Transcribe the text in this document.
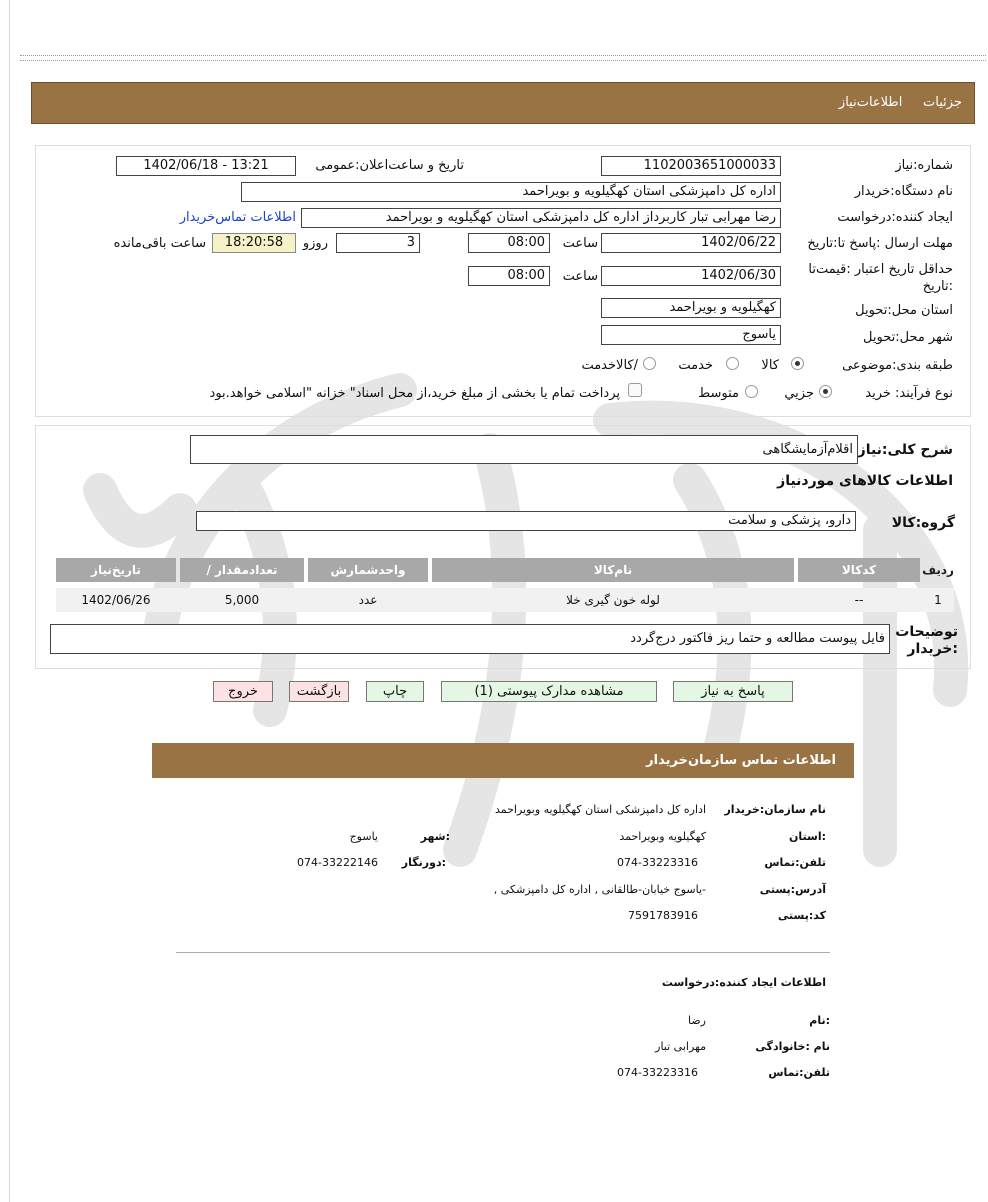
جزئیات     اطلاعات‌نیاز
شماره‌:نیاز
1102003651000033
تاریخ و ساعت‌اعلان:عمومی
1402/06/18 - 13:21
نام دستگاه‌:خریدار
اداره کل دامپزشکی استان کهگیلویه و بویراحمد
ایجاد کننده‌:درخواست
رضا مهرابی تبار کاربرداز اداره کل دامپزشکی استان کهگیلویه و بویراحمد
اطلاعات تماس‌خریدار
مهلت ارسال :پاسخ تا:تاریخ
1402/06/22
ساعت
08:00
3
روزو
18:20:58
ساعت باقی‌مانده
حداقل تاریخ اعتبار :قیمت‌تا :تاریخ
1402/06/30
ساعت
08:00
استان محل‌:تحویل
کهگیلویه و بویراحمد
شهر محل‌:تحویل
یاسوج
طبقه بندی‌:موضوعی
کالا
خدمت
/کالاخدمت
نوع فرآیند: خرید
جزیي
متوسط
پرداخت تمام یا بخشی از مبلغ خرید،از محل اسناد" خزانه "اسلامی خواهد.بود
شرح کلی:نیاز
اقلام‌آزمایشگاهی
اطلاعات کالاهای موردنیاز
گروه:کالا
دارو، پزشکی و سلامت
ردیف
کدکالا
نام‌کالا
واحدشمارش
/ تعدادمقدار
تاریخ‌نیاز
1
--
لوله خون گیری خلا
عدد
5,000
1402/06/26
توضیحات :خریدار
فایل پیوست مطالعه و حتما ریز فاکتور درج‌گردد
پاسخ به نیاز
مشاهده مدارک پیوستی (1)
چاپ
بازگشت
خروج
اطلاعات تماس سازمان‌خریدار
نام سازمان:خریدار
اداره کل دامپزشکی استان کهگیلویه وبویراحمد
:استان
کهگیلویه وبویراحمد
:شهر
یاسوج
تلفن:تماس
074-33223316
:دورنگار
074-33222146
آدرس:پستی
-یاسوج خیابان-طالقانی , اداره کل دامپزشکی ,
کد:پستی
7591783916
اطلاعات ایجاد کننده‌:درخواست
:نام
رضا
نام :خانوادگی
مهرابی تبار
تلفن:تماس
074-33223316
